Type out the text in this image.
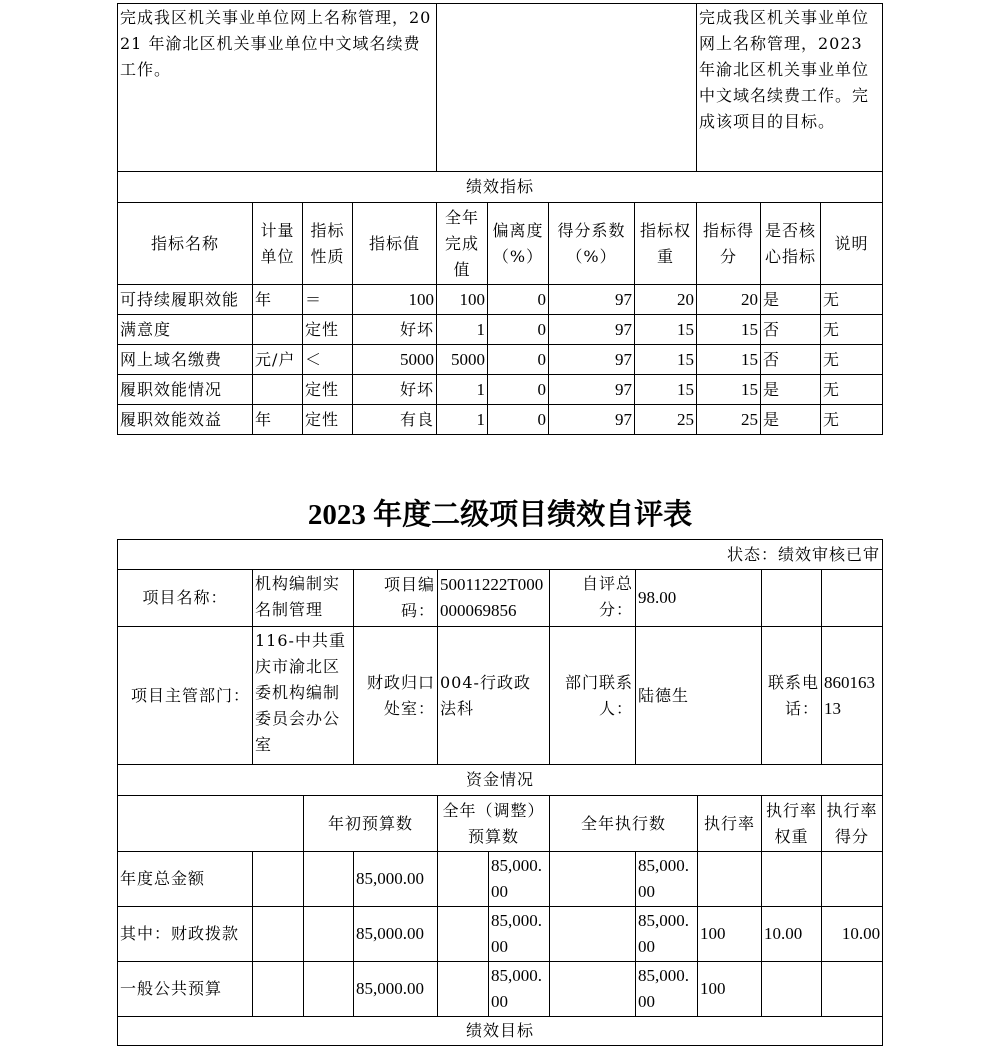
完成我区机关事业单位网上名称管理，2021 年渝北区机关事业单位中文域名续费工作。								完成我区机关事业单位网上名称管理，2023 年渝北区机关事业单位中文域名续费工作。完成该项目的目标。		
绩效指标										
指标名称	计量单位	指标性质	指标值	全年完成值	偏离度（%）	得分系数（%）	指标权重	指标得分	是否核心指标	说明
可持续履职效能	年	＝	100	100	0	97	20	20	是	无
满意度		定性	好坏	1	0	97	15	15	否	无
网上域名缴费	元/户	＜	5000	5000	0	97	15	15	否	无
履职效能情况		定性	好坏	1	0	97	15	15	是	无
履职效能效益	年	定性	有良	1	0	97	25	25	是	无
2023 年度二级项目绩效自评表
状态：绩效审核已审										
项目名称：	机构编制实名制管理		项目编码：	50011222T000000069856		自评总分：	98.00			
项目主管部门：	116-中共重庆市渝北区委机构编制委员会办公室		财政归口处室：	004-行政政法科		部门联系人：	陆德生		联系电话：	86016313
资金情况										
		年初预算数		全年（调整）预算数		全年执行数		执行率	执行率权重	执行率得分
年度总金额			85,000.00		85,000.00		85,000.00			
其中：财政拨款			85,000.00		85,000.00		85,000.00	100	10.00	10.00
一般公共预算			85,000.00		85,000.00		85,000.00	100		
绩效目标										
